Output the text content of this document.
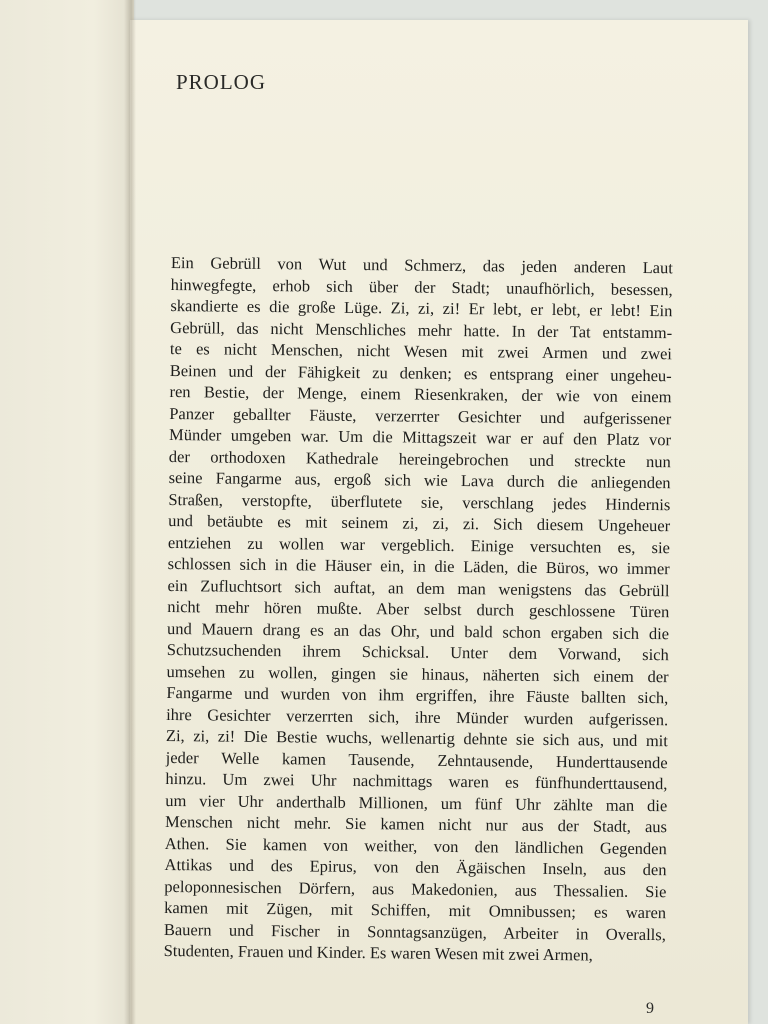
PROLOG
Ein Gebrüll von Wut und Schmerz, das jeden anderen Laut
hinwegfegte, erhob sich über der Stadt; unaufhörlich, besessen,
skandierte es die große Lüge. Zi, zi, zi! Er lebt, er lebt, er lebt! Ein
Gebrüll, das nicht Menschliches mehr hatte. In der Tat entstamm-
te es nicht Menschen, nicht Wesen mit zwei Armen und zwei
Beinen und der Fähigkeit zu denken; es entsprang einer ungeheu-
ren Bestie, der Menge, einem Riesenkraken, der wie von einem
Panzer geballter Fäuste, verzerrter Gesichter und aufgerissener
Münder umgeben war. Um die Mittagszeit war er auf den Platz vor
der orthodoxen Kathedrale hereingebrochen und streckte nun
seine Fangarme aus, ergoß sich wie Lava durch die anliegenden
Straßen, verstopfte, überflutete sie, verschlang jedes Hindernis
und betäubte es mit seinem zi, zi, zi. Sich diesem Ungeheuer
entziehen zu wollen war vergeblich. Einige versuchten es, sie
schlossen sich in die Häuser ein, in die Läden, die Büros, wo immer
ein Zufluchtsort sich auftat, an dem man wenigstens das Gebrüll
nicht mehr hören mußte. Aber selbst durch geschlossene Türen
und Mauern drang es an das Ohr, und bald schon ergaben sich die
Schutzsuchenden ihrem Schicksal. Unter dem Vorwand, sich
umsehen zu wollen, gingen sie hinaus, näherten sich einem der
Fangarme und wurden von ihm ergriffen, ihre Fäuste ballten sich,
ihre Gesichter verzerrten sich, ihre Münder wurden aufgerissen.
Zi, zi, zi! Die Bestie wuchs, wellenartig dehnte sie sich aus, und mit
jeder Welle kamen Tausende, Zehntausende, Hunderttausende
hinzu. Um zwei Uhr nachmittags waren es fünfhunderttausend,
um vier Uhr anderthalb Millionen, um fünf Uhr zählte man die
Menschen nicht mehr. Sie kamen nicht nur aus der Stadt, aus
Athen. Sie kamen von weither, von den ländlichen Gegenden
Attikas und des Epirus, von den Ägäischen Inseln, aus den
peloponnesischen Dörfern, aus Makedonien, aus Thessalien. Sie
kamen mit Zügen, mit Schiffen, mit Omnibussen; es waren
Bauern und Fischer in Sonntagsanzügen, Arbeiter in Overalls,
Studenten, Frauen und Kinder. Es waren Wesen mit zwei Armen,
9
